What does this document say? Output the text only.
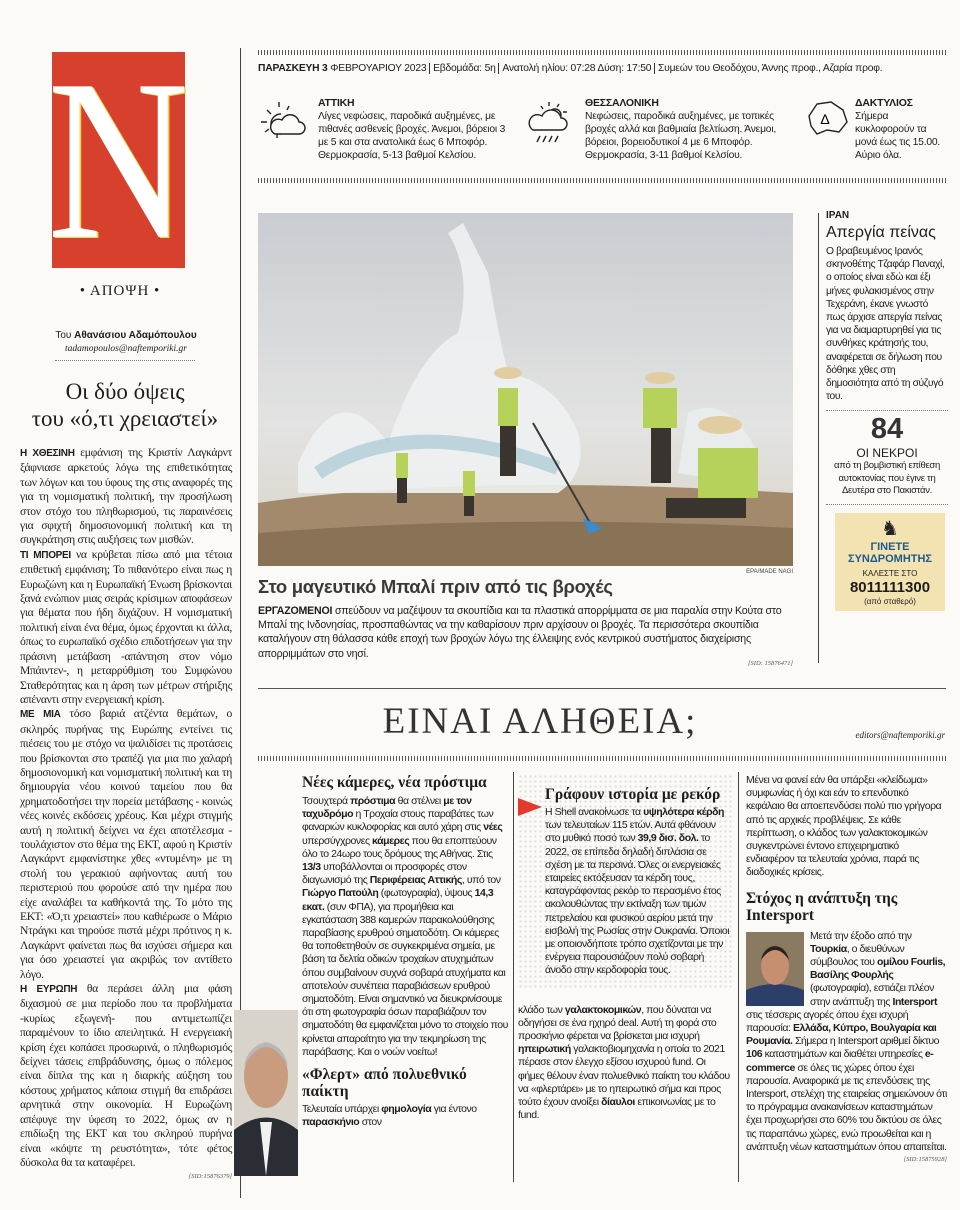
N
• ΑΠΟΨΗ •
Του Αθανάσιου Αδαμόπουλου
tadamopoulos@naftemporiki.gr
Οι δύο όψεις
του «ό,τι χρειαστεί»

Η ΧΘΕΣΙΝΗ εμφάνιση της Κριστίν Λαγκάρντ ξάφνιασε αρκετούς λόγω της επιθετικότητας των λόγων και του ύφους της στις αναφορές της για τη νομισματική πολιτική, την προσήλωση στον στόχο του πληθωρισμού, τις παραινέσεις για σφιχτή δημοσιονομική πολιτική και τη συγκράτηση στις αυξήσεις των μισθών.

ΤΙ ΜΠΟΡΕΙ να κρύβεται πίσω από μια τέτοια επιθετική εμφάνιση; Το πιθανότερο είναι πως η Ευρωζώνη και η Ευρωπαϊκή Ένωση βρίσκονται ξανά ενώπιον μιας σειράς κρίσιμων αποφάσεων για θέματα που ήδη διχάζουν. Η νομισματική πολιτική είναι ένα θέμα, όμως έρχονται κι άλλα, όπως το ευρωπαϊκό σχέδιο επιδοτήσεων για την πράσινη μετάβαση -απάντηση στον νόμο Μπάιντεν-, η μεταρρύθμιση του Συμφώνου Σταθερότητας και η άρση των μέτρων στήριξης απέναντι στην ενεργειακή κρίση.

ΜΕ ΜΙΑ τόσο βαριά ατζέντα θεμάτων, ο σκληρός πυρήνας της Ευρώπης εντείνει τις πιέσεις του με στόχο να ψαλιδίσει τις προτάσεις που βρίσκονται στο τραπέζι για μια πιο χαλαρή δημοσιονομική και νομισματική πολιτική και τη δημιουργία νέου κοινού ταμείου που θα χρηματοδοτήσει την πορεία μετάβασης - κοινώς νέες κοινές εκδόσεις χρέους. Και μέχρι στιγμής αυτή η πολιτική δείχνει να έχει αποτέλεσμα - τουλάχιστον στο θέμα της ΕΚΤ, αφού η Κριστίν Λαγκάρντ εμφανίστηκε χθες «ντυμένη» με τη στολή του γερακιού αφήνοντας αυτή του περιστεριού που φορούσε από την ημέρα που είχε αναλάβει τα καθήκοντά της. Το μότο της ΕΚΤ: «Ό,τι χρειαστεί» που καθιέρωσε ο Μάριο Ντράγκι και τηρούσε πιστά μέχρι πρότινος η κ. Λαγκάρντ φαίνεται πως θα ισχύσει σήμερα και για όσο χρειαστεί για ακριβώς τον αντίθετο λόγο.

Η ΕΥΡΩΠΗ θα περάσει άλλη μια φάση διχασμού σε μια περίοδο που τα προβλήματα -κυρίως εξωγενή- που αντιμετωπίζει παραμένουν το ίδιο απειλητικά. Η ενεργειακή κρίση έχει κοπάσει προσωρινά, ο πληθωρισμός δείχνει τάσεις επιβράδυνσης, όμως ο πόλεμος είναι δίπλα της και η διαρκής αύξηση του κόστους χρήματος κάποια στιγμή θα επιδράσει αρνητικά στην οικονομία. Η Ευρωζώνη απέφυγε την ύφεση το 2022, όμως αν η επιδίωξη της ΕΚΤ και του σκληρού πυρήνα είναι «κόψτε τη ρευστότητα», τότε φέτος δύσκολα θα τα καταφέρει.

[SID:15876379]
ΠΑΡΑΣΚΕΥΗ 3 ΦΕΒΡΟΥΑΡΙΟΥ 2023 Εβδομάδα: 5η Ανατολή ηλίου: 07:28 Δύση: 17:50 Συμεών του Θεοδόχου, Άννης προφ., Αζαρία προφ.
ΑΤΤΙΚΗ
Λίγες νεφώσεις, παροδικά αυξημένες, με πιθανές ασθενείς βροχές. Άνεμοι, βόρειοι 3 με 5 και στα ανατολικά έως 6 Μποφόρ. Θερμοκρασία, 5-13 βαθμοί Κελσίου.
ΘΕΣΣΑΛΟΝΙΚΗ
Νεφώσεις, παροδικά αυξημένες, με τοπικές βροχές αλλά και βαθμιαία βελτίωση. Άνεμοι, βόρειοι, βορειοδυτικοί 4 με 6 Μποφόρ. Θερμοκρασία, 3-11 βαθμοί Κελσίου.
Δ
ΔΑΚΤΥΛΙΟΣ
Σήμερα κυκλοφορούν τα μονά έως τις 15.00. Αύριο όλα.
EPA/MADE NAGI
Στο μαγευτικό Μπαλί πριν από τις βροχές
ΕΡΓΑΖΟΜΕΝΟΙ σπεύδουν να μαζέψουν τα σκουπίδια και τα πλαστικά απορρίμματα σε μια παραλία στην Κούτα στο Μπαλί της Ινδονησίας, προσπαθώντας να την καθαρίσουν πριν αρχίσουν οι βροχές. Τα περισσότερα σκουπίδια καταλήγουν στη θάλασσα κάθε εποχή των βροχών λόγω της έλλειψης ενός κεντρικού συστήματος διαχείρισης απορριμμάτων στο νησί.
[SID: 15876471]
ΙΡΑΝ
Απεργία πείνας
Ο βραβευμένος Ιρανός σκηνοθέτης Τζαφάρ Παναχί, ο οποίος είναι εδώ και έξι μήνες φυλακισμένος στην Τεχεράνη, έκανε γνωστό πως άρχισε απεργία πείνας για να διαμαρτυρηθεί για τις συνθήκες κράτησής του, αναφέρεται σε δήλωση που δόθηκε χθες στη δημοσιότητα από τη σύζυγό του.
84
ΟΙ ΝΕΚΡΟΙ
από τη βομβιστική επίθεση αυτοκτονίας που έγινε τη Δευτέρα στο Πακιστάν.
♞
ΓΙΝΕΤΕ
ΣΥΝΔΡΟΜΗΤΗΣ
ΚΑΛΕΣΤΕ ΣΤΟ
8011111300
(από σταθερό)
ΕΙΝΑΙ ΑΛΗΘΕΙΑ;	editors@naftemporiki.gr
Νέες κάμερες, νέα πρόστιμα
Τσουχτερά πρόστιμα θα στέλνει με τον ταχυδρόμο η Τροχαία στους παραβάτες των φαναριών κυκλοφορίας και αυτό χάρη στις νέες υπερσύγχρονες κάμερες που θα εποπτεύουν όλο το 24ωρο τους δρόμους της Αθήνας. Στις 13/3 υποβάλλονται οι προσφορές στον διαγωνισμό της Περιφέρειας Αττικής, υπό τον Γιώργο Πατούλη (φωτογραφία), ύψους 14,3 εκατ. (συν ΦΠΑ), για προμήθεια και εγκατάσταση 388 καμερών παρακολούθησης παραβίασης ερυθρού σηματοδότη. Οι κάμερες θα τοποθετηθούν σε συγκεκριμένα σημεία, με βάση τα δελτία οδικών τροχαίων ατυχημάτων όπου συμβαίνουν συχνά σοβαρά ατυχήματα και αποτελούν συνέπεια παραβιάσεων ερυθρού σηματοδότη. Είναι σημαντικό να διευκρινίσουμε ότι στη φωτογραφία όσων παραβιάζουν τον σηματοδότη θα εμφανίζεται μόνο το στοιχείο που κρίνεται απαραίτητο για την τεκμηρίωση της παράβασης. Και ο νοών νοείτω!
«Φλερτ» από πολυεθνικό παίκτη
Τελευταία υπάρχει φημολογία για έντονο παρασκήνιο στον
Γράφουν ιστορία με ρεκόρ
Η Shell ανακοίνωσε τα υψηλότερα κέρδη των τελευταίων 115 ετών. Αυτά φθάνουν στο μυθικό ποσό των 39,9 δισ. δολ. το 2022, σε επίπεδα δηλαδή διπλάσια σε σχέση με τα περσινά. Όλες οι ενεργειακές εταιρείες εκτόξευσαν τα κέρδη τους, καταγράφοντας ρεκόρ το περασμένο έτος ακολουθώντας την εκτίναξη των τιμών πετρελαίου και φυσικού αερίου μετά την εισβολή της Ρωσίας στην Ουκρανία. Όποιοι με οποιονδήποτε τρόπο σχετίζονται με την ενέργεια παρουσιάζουν πολύ σοβαρή άνοδο στην κερδοφορία τους.
κλάδο των γαλακτοκομικών, που δύναται να οδηγήσει σε ένα ηχηρό deal. Αυτή τη φορά στο προσκήνιο φέρεται να βρίσκεται μια ισχυρή ηπειρωτική γαλακτοβιομηχανία η οποία το 2021 πέρασε στον έλεγχο εξίσου ισχυρού fund. Οι φήμες θέλουν έναν πολυεθνικό παίκτη του κλάδου να «φλερτάρει» με το ηπειρωτικό σήμα και προς τούτο έχουν ανοίξει δίαυλοι επικοινωνίας με το fund.
Μένει να φανεί εάν θα υπάρξει «κλείδωμα» συμφωνίας ή όχι και εάν το επενδυτικό κεφάλαιο θα αποεπενδύσει πολύ πιο γρήγορα από τις αρχικές προβλέψεις. Σε κάθε περίπτωση, ο κλάδος των γαλακτοκομικών συγκεντρώνει έντονο επιχειρηματικό ενδιαφέρον τα τελευταία χρόνια, παρά τις διαδοχικές κρίσεις.
Στόχος η ανάπτυξη της Intersport
Μετά την έξοδο από την Τουρκία, ο διευθύνων σύμβουλος του ομίλου Fourlis, Βασίλης Φουρλής (φωτογραφία), εστιάζει πλέον στην ανάπτυξη της Intersport στις τέσσερις αγορές όπου έχει ισχυρή παρουσία: Ελλάδα, Κύπρο, Βουλγαρία και Ρουμανία. Σήμερα η Intersport αριθμεί δίκτυο 106 καταστημάτων και διαθέτει υπηρεσίες e-commerce σε όλες τις χώρες όπου έχει παρουσία. Αναφορικά με τις επενδύσεις της Intersport, στελέχη της εταιρείας σημειώνουν ότι το πρόγραμμα ανακαινίσεων καταστημάτων έχει προχωρήσει στο 60% του δικτύου σε όλες τις παραπάνω χώρες, ενώ προωθείται και η ανάπτυξη νέων καταστημάτων όπου απαιτείται.
[SID:15875928]
